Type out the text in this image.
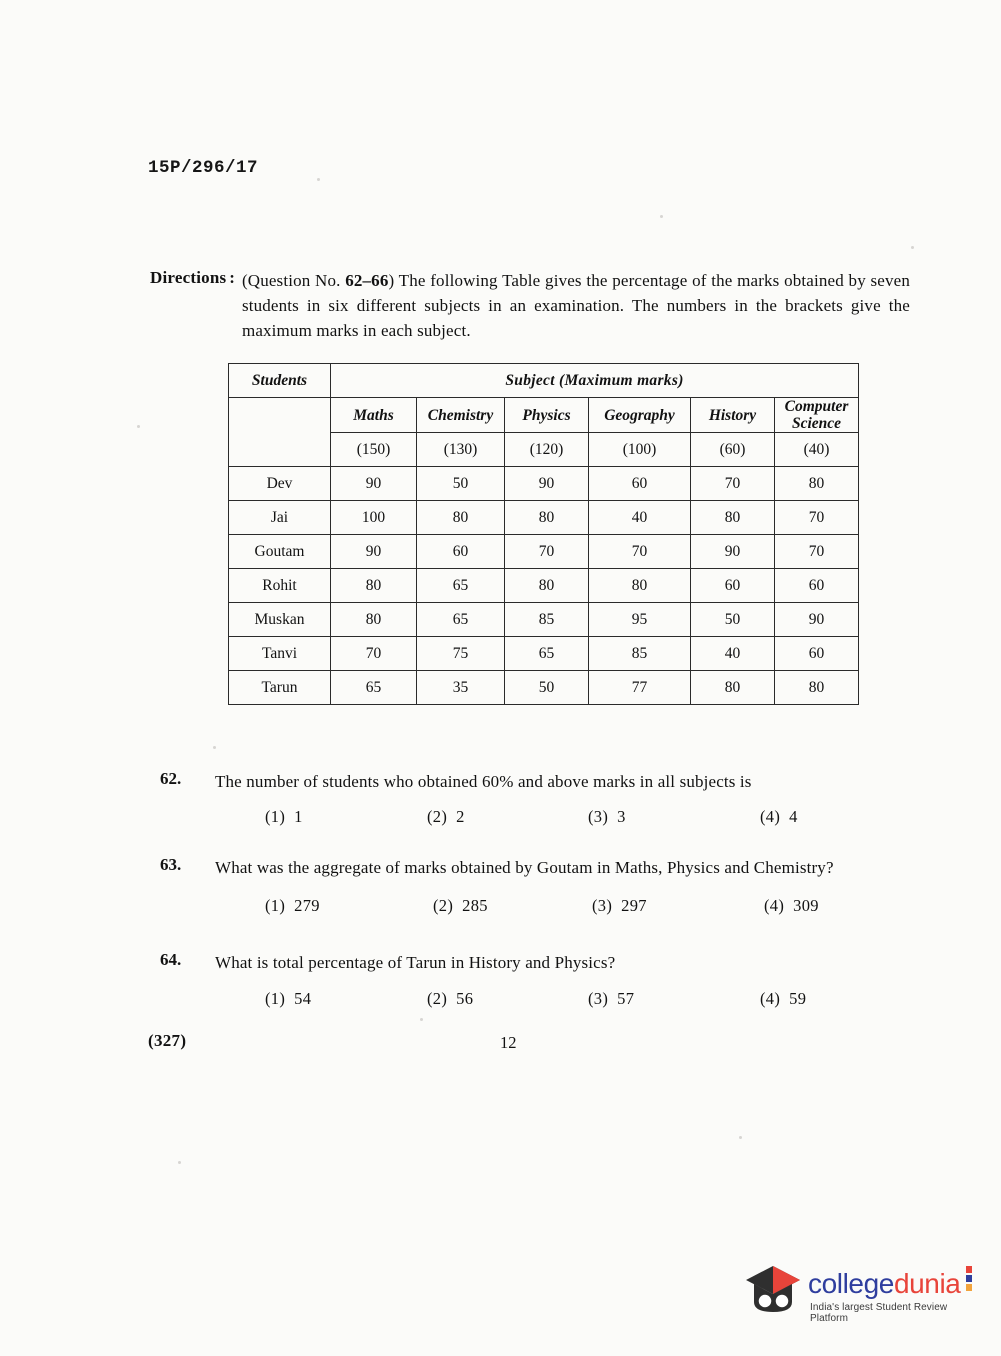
15P/296/17
Directions : (Question No. 62–66) The following Table gives the percentage of the marks obtained by seven students in six different subjects in an examination. The numbers in the brackets give the maximum marks in each subject.
Students	Subject (Maximum marks)					
	Maths	Chemistry	Physics	Geography	History	Computer Science
	(150)	(130)	(120)	(100)	(60)	(40)
Dev	90	50	90	60	70	80
Jai	100	80	80	40	80	70
Goutam	90	60	70	70	90	70
Rohit	80	65	80	80	60	60
Muskan	80	65	85	95	50	90
Tanvi	70	75	65	85	40	60
Tarun	65	35	50	77	80	80
62. The number of students who obtained 60% and above marks in all subjects is
(1) 1	(2) 2	(3) 3	(4) 4
63. What was the aggregate of marks obtained by Goutam in Maths, Physics and Chemistry?
(1) 279	(2) 285	(3) 297	(4) 309
64. What is total percentage of Tarun in History and Physics?
(1) 54	(2) 56	(3) 57	(4) 59
(327)	12
collegedunia
India's largest Student Review Platform
